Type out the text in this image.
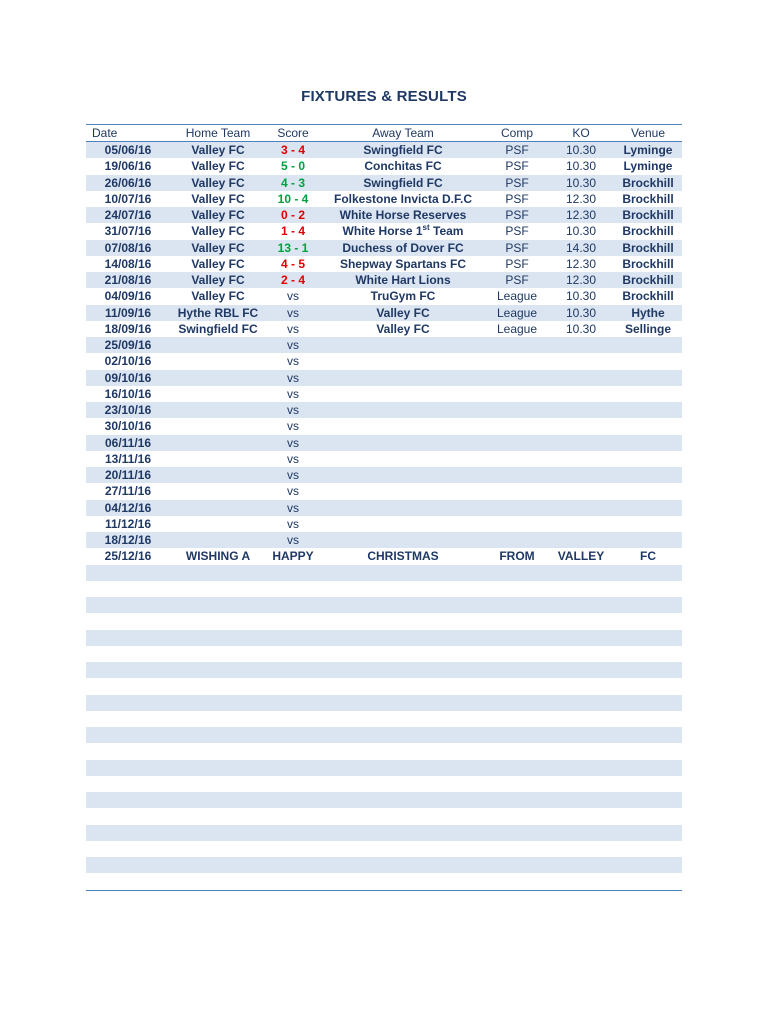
FIXTURES & RESULTS
Date	Home Team	Score	Away Team	Comp	KO	Venue
05/06/16	Valley FC	3 - 4	Swingfield FC	PSF	10.30	Lyminge
19/06/16	Valley FC	5 - 0	Conchitas FC	PSF	10.30	Lyminge
26/06/16	Valley FC	4 - 3	Swingfield FC	PSF	10.30	Brockhill
10/07/16	Valley FC	10 - 4	Folkestone Invicta D.F.C	PSF	12.30	Brockhill
24/07/16	Valley FC	0 - 2	White Horse Reserves	PSF	12.30	Brockhill
31/07/16	Valley FC	1 - 4	White Horse 1st Team	PSF	10.30	Brockhill
07/08/16	Valley FC	13 - 1	Duchess of Dover FC	PSF	14.30	Brockhill
14/08/16	Valley FC	4 - 5	Shepway Spartans FC	PSF	12.30	Brockhill
21/08/16	Valley FC	2 - 4	White Hart Lions	PSF	12.30	Brockhill
04/09/16	Valley FC	vs	TruGym FC	League	10.30	Brockhill
11/09/16	Hythe RBL FC	vs	Valley FC	League	10.30	Hythe
18/09/16	Swingfield FC	vs	Valley FC	League	10.30	Sellinge
25/09/16		vs				
02/10/16		vs				
09/10/16		vs				
16/10/16		vs				
23/10/16		vs				
30/10/16		vs				
06/11/16		vs				
13/11/16		vs				
20/11/16		vs				
27/11/16		vs				
04/12/16		vs				
11/12/16		vs				
18/12/16		vs				
25/12/16	WISHING A	HAPPY	CHRISTMAS	FROM	VALLEY	FC
